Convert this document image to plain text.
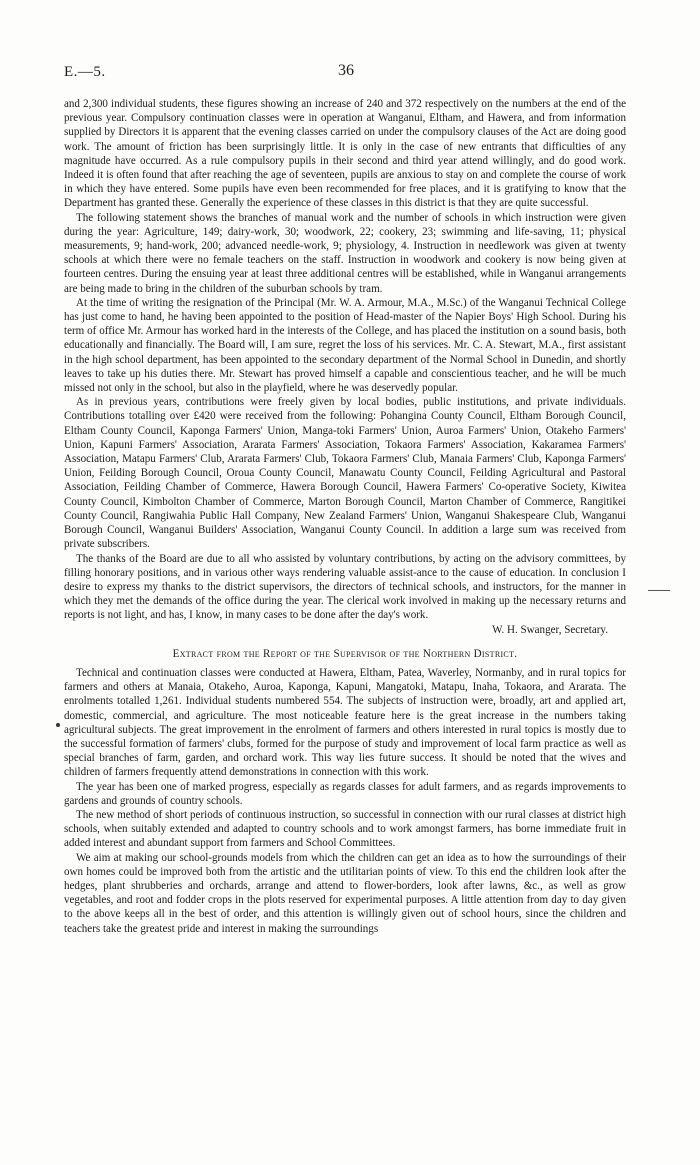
E.—5.	36

and 2,300 individual students, these figures showing an increase of 240 and 372 respectively on the numbers at the end of the previous year. Compulsory continuation classes were in operation at Wanganui, Eltham, and Hawera, and from information supplied by Directors it is apparent that the evening classes carried on under the compulsory clauses of the Act are doing good work. The amount of friction has been surprisingly little. It is only in the case of new entrants that difficulties of any magnitude have occurred. As a rule compulsory pupils in their second and third year attend willingly, and do good work. Indeed it is often found that after reaching the age of seventeen, pupils are anxious to stay on and complete the course of work in which they have entered. Some pupils have even been recommended for free places, and it is gratifying to know that the Department has granted these. Generally the experience of these classes in this district is that they are quite successful.

The following statement shows the branches of manual work and the number of schools in which instruction were given during the year: Agriculture, 149; dairy-work, 30; woodwork, 22; cookery, 23; swimming and life-saving, 11; physical measurements, 9; hand-work, 200; advanced needle-work, 9; physiology, 4. Instruction in needlework was given at twenty schools at which there were no female teachers on the staff. Instruction in woodwork and cookery is now being given at fourteen centres. During the ensuing year at least three additional centres will be established, while in Wanganui arrangements are being made to bring in the children of the suburban schools by tram.

At the time of writing the resignation of the Principal (Mr. W. A. Armour, M.A., M.Sc.) of the Wanganui Technical College has just come to hand, he having been appointed to the position of Head-master of the Napier Boys' High School. During his term of office Mr. Armour has worked hard in the interests of the College, and has placed the institution on a sound basis, both educationally and financially. The Board will, I am sure, regret the loss of his services. Mr. C. A. Stewart, M.A., first assistant in the high school department, has been appointed to the secondary department of the Normal School in Dunedin, and shortly leaves to take up his duties there. Mr. Stewart has proved himself a capable and conscientious teacher, and he will be much missed not only in the school, but also in the playfield, where he was deservedly popular.

As in previous years, contributions were freely given by local bodies, public institutions, and private individuals. Contributions totalling over £420 were received from the following: Pohangina County Council, Eltham Borough Council, Eltham County Council, Kaponga Farmers' Union, Manga-toki Farmers' Union, Auroa Farmers' Union, Otakeho Farmers' Union, Kapuni Farmers' Association, Ararata Farmers' Association, Tokaora Farmers' Association, Kakaramea Farmers' Association, Matapu Farmers' Club, Ararata Farmers' Club, Tokaora Farmers' Club, Manaia Farmers' Club, Kaponga Farmers' Union, Feilding Borough Council, Oroua County Council, Manawatu County Council, Feilding Agricultural and Pastoral Association, Feilding Chamber of Commerce, Hawera Borough Council, Hawera Farmers' Co-operative Society, Kiwitea County Council, Kimbolton Chamber of Commerce, Marton Borough Council, Marton Chamber of Commerce, Rangitikei County Council, Rangiwahia Public Hall Company, New Zealand Farmers' Union, Wanganui Shakespeare Club, Wanganui Borough Council, Wanganui Builders' Association, Wanganui County Council. In addition a large sum was received from private subscribers.

The thanks of the Board are due to all who assisted by voluntary contributions, by acting on the advisory committees, by filling honorary positions, and in various other ways rendering valuable assist-ance to the cause of education. In conclusion I desire to express my thanks to the district supervisors, the directors of technical schools, and instructors, for the manner in which they met the demands of the office during the year. The clerical work involved in making up the necessary returns and reports is not light, and has, I know, in many cases to be done after the day's work.

W. H. Swanger, Secretary.

Extract from the Report of the Supervisor of the Northern District.

Technical and continuation classes were conducted at Hawera, Eltham, Patea, Waverley, Normanby, and in rural topics for farmers and others at Manaia, Otakeho, Auroa, Kaponga, Kapuni, Mangatoki, Matapu, Inaha, Tokaora, and Ararata. The enrolments totalled 1,261. Individual students numbered 554. The subjects of instruction were, broadly, art and applied art, domestic, commercial, and agriculture. The most noticeable feature here is the great increase in the numbers taking agricultural subjects. The great improvement in the enrolment of farmers and others interested in rural topics is mostly due to the successful formation of farmers' clubs, formed for the purpose of study and improvement of local farm practice as well as special branches of farm, garden, and orchard work. This way lies future success. It should be noted that the wives and children of farmers frequently attend demonstrations in connection with this work.

The year has been one of marked progress, especially as regards classes for adult farmers, and as regards improvements to gardens and grounds of country schools.

The new method of short periods of continuous instruction, so successful in connection with our rural classes at district high schools, when suitably extended and adapted to country schools and to work amongst farmers, has borne immediate fruit in added interest and abundant support from farmers and School Committees.

We aim at making our school-grounds models from which the children can get an idea as to how the surroundings of their own homes could be improved both from the artistic and the utilitarian points of view. To this end the children look after the hedges, plant shrubberies and orchards, arrange and attend to flower-borders, look after lawns, &c., as well as grow vegetables, and root and fodder crops in the plots reserved for experimental purposes. A little attention from day to day given to the above keeps all in the best of order, and this attention is willingly given out of school hours, since the children and teachers take the greatest pride and interest in making the surroundings
